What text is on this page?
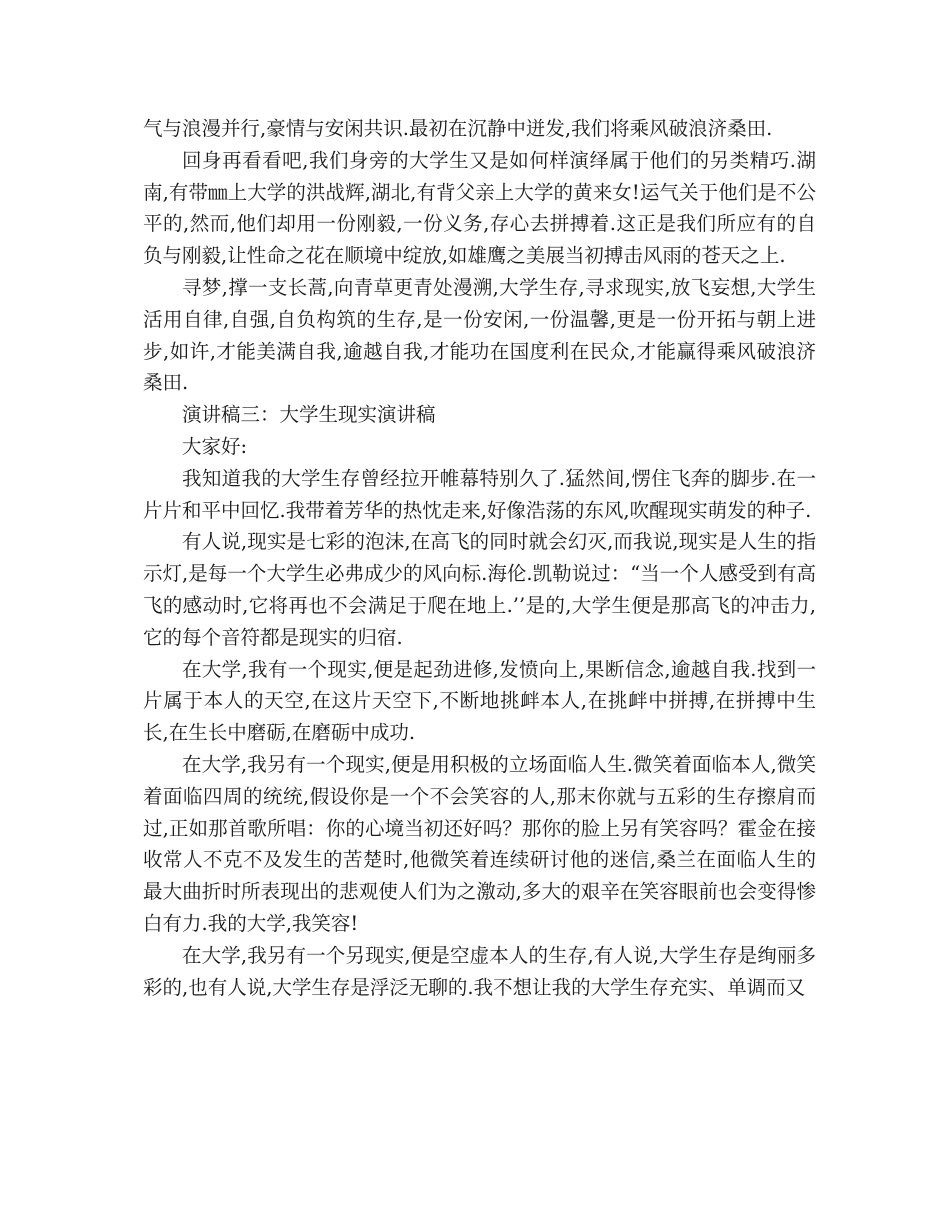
气与浪漫并行,豪情与安闲共识.最初在沉静中迸发,我们将乘风破浪济桑田.

回身再看看吧,我们身旁的大学生又是如何样演绎属于他们的另类精巧.湖南,有带㎜上大学的洪战辉,湖北,有背父亲上大学的黄来女!运气关于他们是不公平的,然而,他们却用一份刚毅,一份义务,存心去拼搏着.这正是我们所应有的自负与刚毅,让性命之花在顺境中绽放,如雄鹰之美展当初搏击风雨的苍天之上.

寻梦,撑一支长蒿,向青草更青处漫溯,大学生存,寻求现实,放飞妄想,大学生活用自律,自强,自负构筑的生存,是一份安闲,一份温馨,更是一份开拓与朝上进步,如许,才能美满自我,逾越自我,才能功在国度利在民众,才能赢得乘风破浪济桑田.

演讲稿三：大学生现实演讲稿

大家好:

我知道我的大学生存曾经拉开帷幕特别久了.猛然间,愣住飞奔的脚步.在一片片和平中回忆.我带着芳华的热忱走来,好像浩荡的东风,吹醒现实萌发的种子.

有人说,现实是七彩的泡沫,在高飞的同时就会幻灭,而我说,现实是人生的指示灯,是每一个大学生必弗成少的风向标.海伦.凯勒说过：“当一个人感受到有高飞的感动时,它将再也不会满足于爬在地上.’’是的,大学生便是那高飞的冲击力,它的每个音符都是现实的归宿.

在大学,我有一个现实,便是起劲进修,发愤向上,果断信念,逾越自我.找到一片属于本人的天空,在这片天空下,不断地挑衅本人,在挑衅中拼搏,在拼搏中生长,在生长中磨砺,在磨砺中成功.

在大学,我另有一个现实,便是用积极的立场面临人生.微笑着面临本人,微笑着面临四周的统统,假设你是一个不会笑容的人,那末你就与五彩的生存擦肩而过,正如那首歌所唱：你的心境当初还好吗？那你的脸上另有笑容吗？霍金在接收常人不克不及发生的苦楚时,他微笑着连续研讨他的迷信,桑兰在面临人生的最大曲折时所表现出的悲观使人们为之激动,多大的艰辛在笑容眼前也会变得惨白有力.我的大学,我笑容!

在大学,我另有一个另现实,便是空虚本人的生存,有人说,大学生存是绚丽多彩的,也有人说,大学生存是浮泛无聊的.我不想让我的大学生存充实、单调而又
